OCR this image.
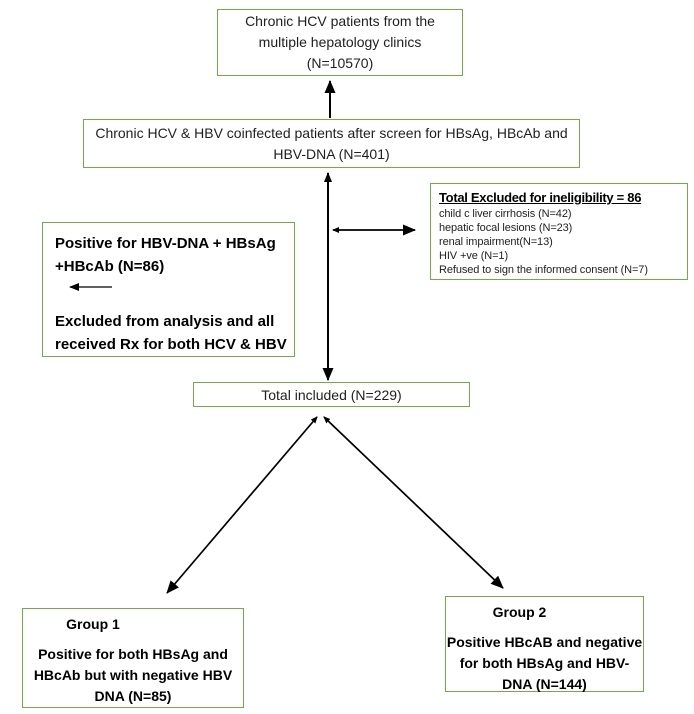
Chronic HCV patients from the
multiple hepatology clinics
(N=10570)
Chronic HCV & HBV coinfected patients after screen for HBsAg, HBcAb and
HBV-DNA (N=401)
Positive for HBV-DNA + HBsAg
+HBcAb (N=86)
Excluded from analysis and all
received Rx for both HCV & HBV
Total Excluded for ineligibility = 86
child c liver cirrhosis (N=42)
hepatic focal lesions (N=23)
renal impairment(N=13)
HIV +ve (N=1)
Refused to sign the informed consent (N=7)
Total included (N=229)
Group 1
Positive for both HBsAg and
HBcAb but with negative HBV
DNA (N=85)
Group 2
Positive HBcAB and negative
for both HBsAg and HBV-
DNA (N=144)
